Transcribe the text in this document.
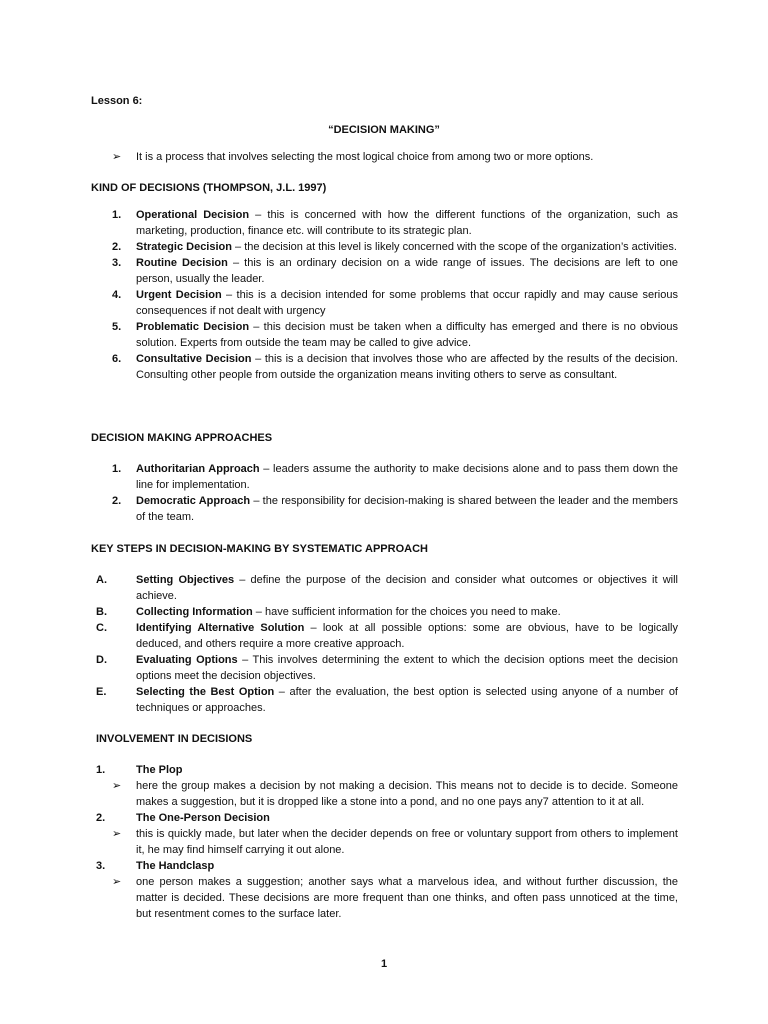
Lesson 6:
“DECISION MAKING”
➢	It is a process that involves selecting the most logical choice from among two or more options.
KIND OF DECISIONS (THOMPSON, J.L. 1997)
1. Operational Decision – this is concerned with how the different functions of the organization, such as marketing, production, finance etc. will contribute to its strategic plan.
2. Strategic Decision – the decision at this level is likely concerned with the scope of the organization’s activities.
3. Routine Decision – this is an ordinary decision on a wide range of issues. The decisions are left to one person, usually the leader.
4. Urgent Decision – this is a decision intended for some problems that occur rapidly and may cause serious consequences if not dealt with urgency
5. Problematic Decision – this decision must be taken when a difficulty has emerged and there is no obvious solution. Experts from outside the team may be called to give advice.
6. Consultative Decision – this is a decision that involves those who are affected by the results of the decision. Consulting other people from outside the organization means inviting others to serve as consultant.
DECISION MAKING APPROACHES
1. Authoritarian Approach – leaders assume the authority to make decisions alone and to pass them down the line for implementation.
2. Democratic Approach – the responsibility for decision-making is shared between the leader and the members of the team.
KEY STEPS IN DECISION-MAKING BY SYSTEMATIC APPROACH
A.	Setting Objectives – define the purpose of the decision and consider what outcomes or objectives it will achieve.
B.	Collecting Information – have sufficient information for the choices you need to make.
C.	Identifying Alternative Solution – look at all possible options: some are obvious, have to be logically deduced, and others require a more creative approach.
D.	Evaluating Options – This involves determining the extent to which the decision options meet the decision options meet the decision objectives.
E.	Selecting the Best Option – after the evaluation, the best option is selected using anyone of a number of techniques or approaches.
INVOLVEMENT IN DECISIONS
1.	The Plop
➢ here the group makes a decision by not making a decision. This means not to decide is to decide. Someone makes a suggestion, but it is dropped like a stone into a pond, and no one pays any7 attention to it at all.
2.	The One-Person Decision
➢ this is quickly made, but later when the decider depends on free or voluntary support from others to implement it, he may find himself carrying it out alone.
3.	The Handclasp
➢ one person makes a suggestion; another says what a marvelous idea, and without further discussion, the matter is decided. These decisions are more frequent than one thinks, and often pass unnoticed at the time, but resentment comes to the surface later.
1
